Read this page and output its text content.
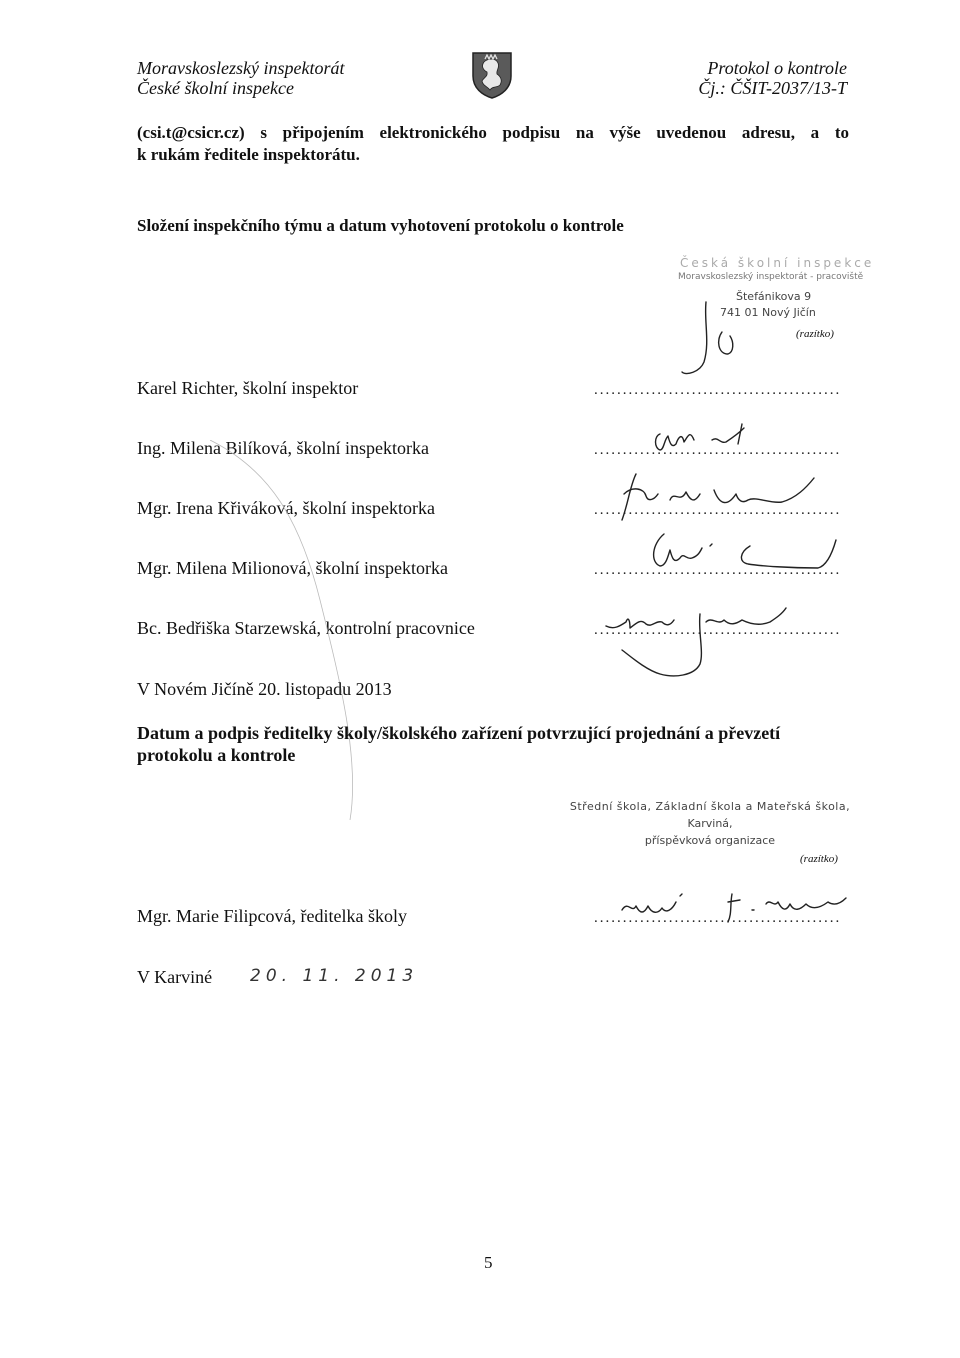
Moravskoslezský inspektorát
České školní inspekce
Protokol o kontrole
Čj.: ČŠIT-2037/13-T
(csi.t@csicr.cz) s připojením elektronického podpisu na výše uvedenou adresu, a to
k rukám ředitele inspektorátu.
Složení inspekčního týmu a datum vyhotovení protokolu o kontrole
Česká školní inspekce
Moravskoslezský inspektorát - pracoviště
Štefánikova 9
741 01 Nový Jičín
(razítko)
Karel Richter, školní inspektor	...........................................
Ing. Milena Bilíková, školní inspektorka	...........................................
Mgr. Irena Křiváková, školní inspektorka	...........................................
Mgr. Milena Milionová, školní inspektorka	...........................................
Bc. Bedřiška Starzewská, kontrolní pracovnice	...........................................
V Novém Jičíně 20. listopadu 2013
Datum a podpis ředitelky školy/školského zařízení potvrzující projednání a převzetí
protokolu a kontrole
Střední škola, Základní škola a Mateřská škola,
Karviná,
příspěvková organizace
(razítko)
Mgr. Marie Filipcová, ředitelka školy	...........................................
V Karviné 20. 11. 2013
5
